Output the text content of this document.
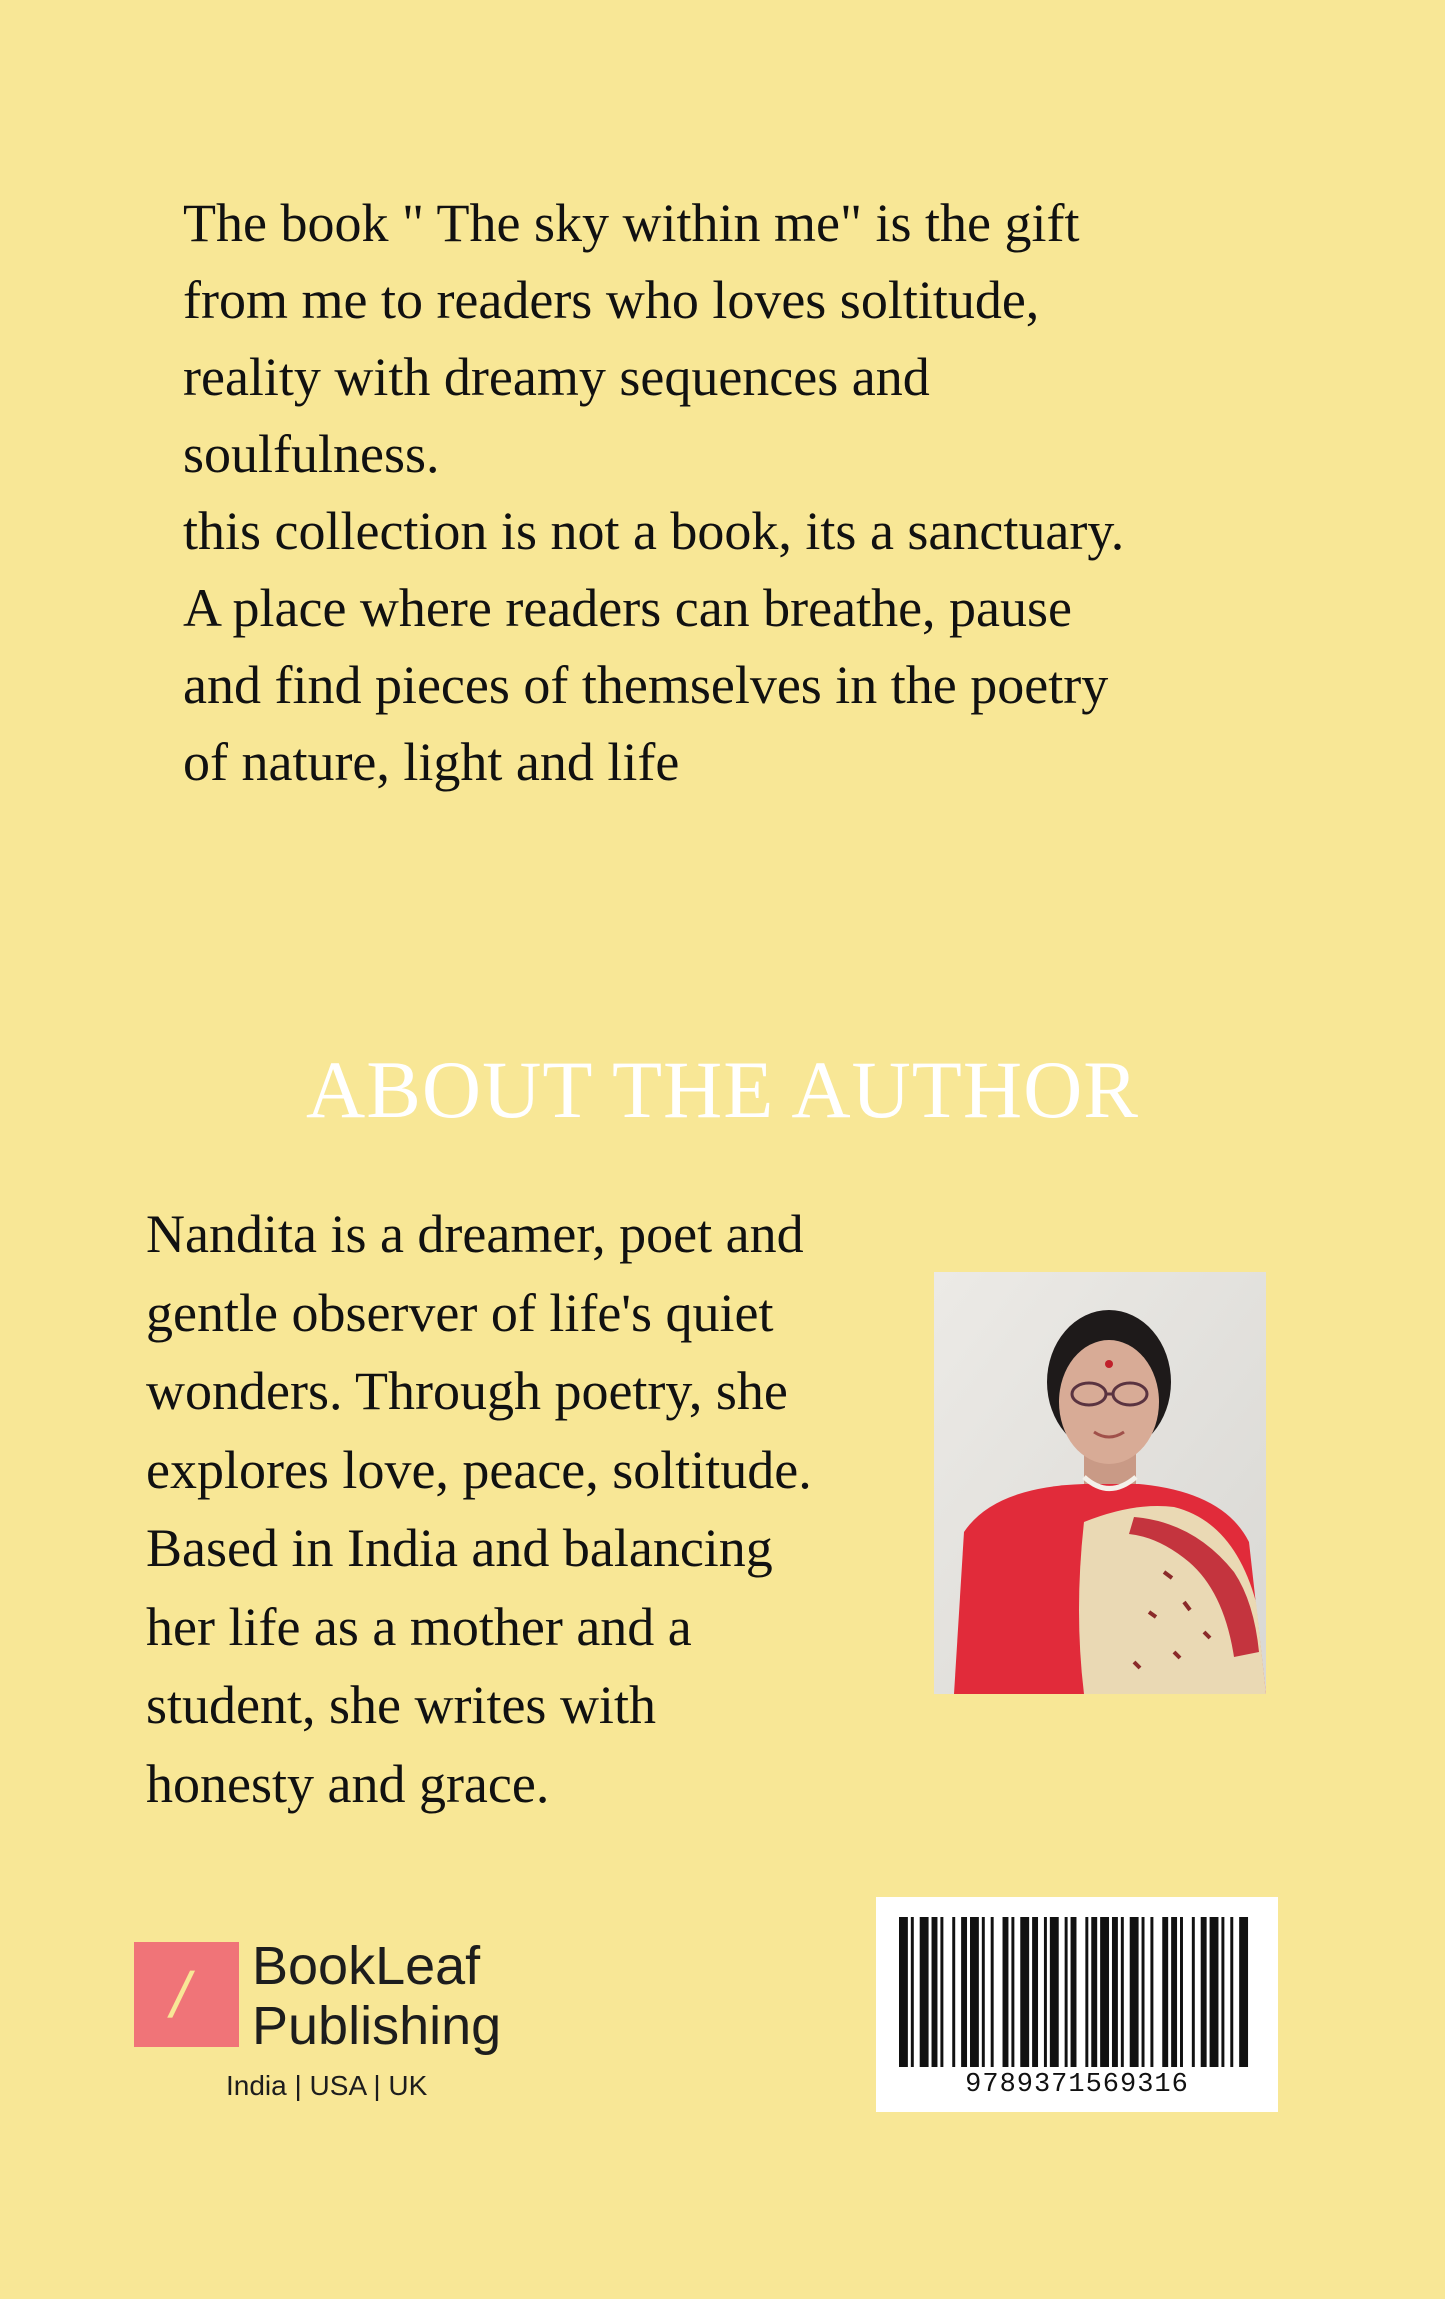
The book " The sky within me" is the gift

from me to readers who loves soltitude,

reality with dreamy sequences and

soulfulness.

this collection is not a book, its a sanctuary.

A place where readers can breathe, pause

and find pieces of themselves in the poetry

of nature, light and life

ABOUT THE AUTHOR

Nandita is a dreamer, poet and

gentle observer of life's quiet

wonders. Through poetry, she

explores love, peace, soltitude.

Based in India and balancing

her life as a mother and a

student, she writes with

honesty and grace.

/ BookLeaf
Publishing
India | USA | UK	9789371569316
